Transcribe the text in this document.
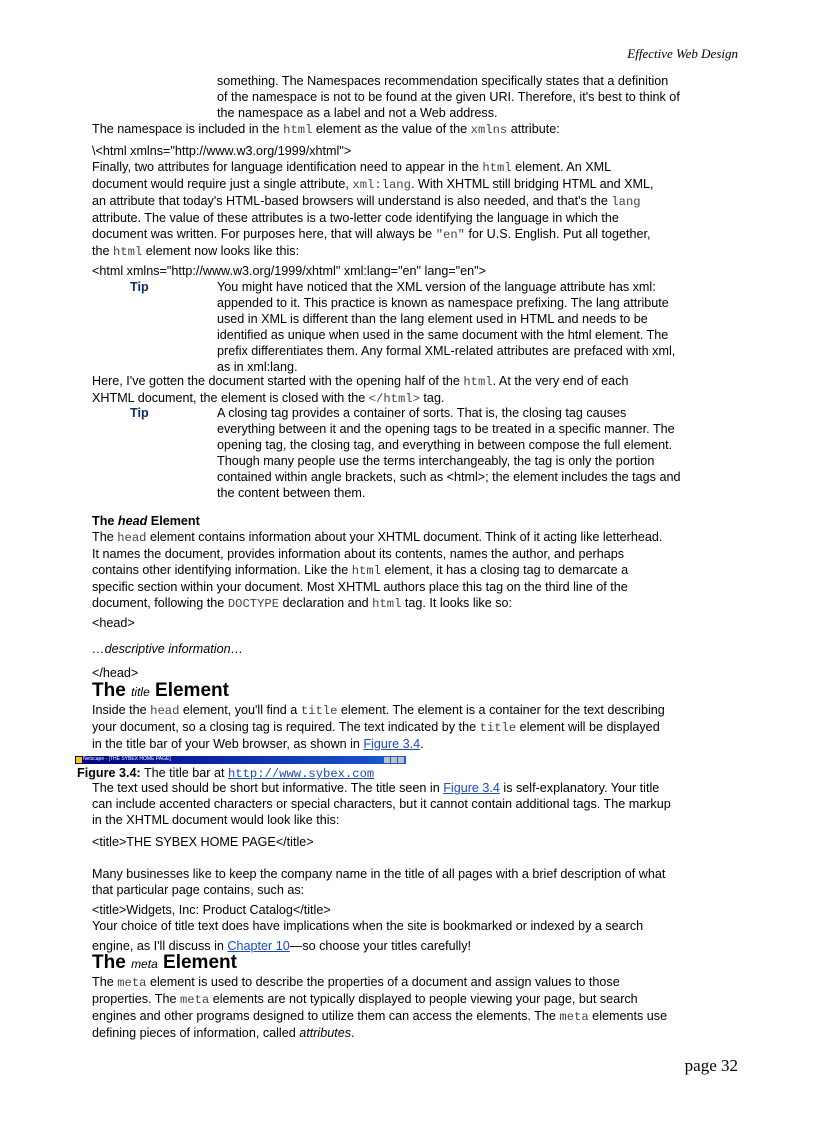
Effective Web Design
something. The Namespaces recommendation specifically states that a definition
of the namespace is not to be found at the given URI. Therefore, it's best to think of
the namespace as a label and not a Web address.
The namespace is included in the html element as the value of the xmlns attribute:
\<html xmlns="http://www.w3.org/1999/xhtml">
Finally, two attributes for language identification need to appear in the html element. An XML
document would require just a single attribute, xml:lang. With XHTML still bridging HTML and XML,
an attribute that today's HTML-based browsers will understand is also needed, and that's the lang
attribute. The value of these attributes is a two-letter code identifying the language in which the
document was written. For purposes here, that will always be "en" for U.S. English. Put all together,
the html element now looks like this:
<html xmlns="http://www.w3.org/1999/xhtml" xml:lang="en" lang="en">
Tip	You might have noticed that the XML version of the language attribute has xml:
appended to it. This practice is known as namespace prefixing. The lang attribute
used in XML is different than the lang element used in HTML and needs to be
identified as unique when used in the same document with the html element. The
prefix differentiates them. Any formal XML-related attributes are prefaced with xml,
as in xml:lang.
Here, I've gotten the document started with the opening half of the html. At the very end of each
XHTML document, the element is closed with the </html> tag.
Tip	A closing tag provides a container of sorts. That is, the closing tag causes
everything between it and the opening tags to be treated in a specific manner. The
opening tag, the closing tag, and everything in between compose the full element.
Though many people use the terms interchangeably, the tag is only the portion
contained within angle brackets, such as <html>; the element includes the tags and
the content between them.
The head Element
The head element contains information about your XHTML document. Think of it acting like letterhead.
It names the document, provides information about its contents, names the author, and perhaps
contains other identifying information. Like the html element, it has a closing tag to demarcate a
specific section within your document. Most XHTML authors place this tag on the third line of the
document, following the DOCTYPE declaration and html tag. It looks like so:
<head>
…descriptive information…
</head>
The title Element
Inside the head element, you'll find a title element. The element is a container for the text describing
your document, so a closing tag is required. The text indicated by the title element will be displayed
in the title bar of your Web browser, as shown in Figure 3.4.
Netscape - [THE SYBEX HOME PAGE]
Figure 3.4: The title bar at http://www.sybex.com
The text used should be short but informative. The title seen in Figure 3.4 is self-explanatory. Your title
can include accented characters or special characters, but it cannot contain additional tags. The markup
in the XHTML document would look like this:
<title>THE SYBEX HOME PAGE</title>
Many businesses like to keep the company name in the title of all pages with a brief description of what
that particular page contains, such as:
<title>Widgets, Inc: Product Catalog</title>
Your choice of title text does have implications when the site is bookmarked or indexed by a search
engine, as I'll discuss in Chapter 10—so choose your titles carefully!
The meta Element
The meta element is used to describe the properties of a document and assign values to those
properties. The meta elements are not typically displayed to people viewing your page, but search
engines and other programs designed to utilize them can access the elements. The meta elements use
defining pieces of information, called attributes.
page 32
